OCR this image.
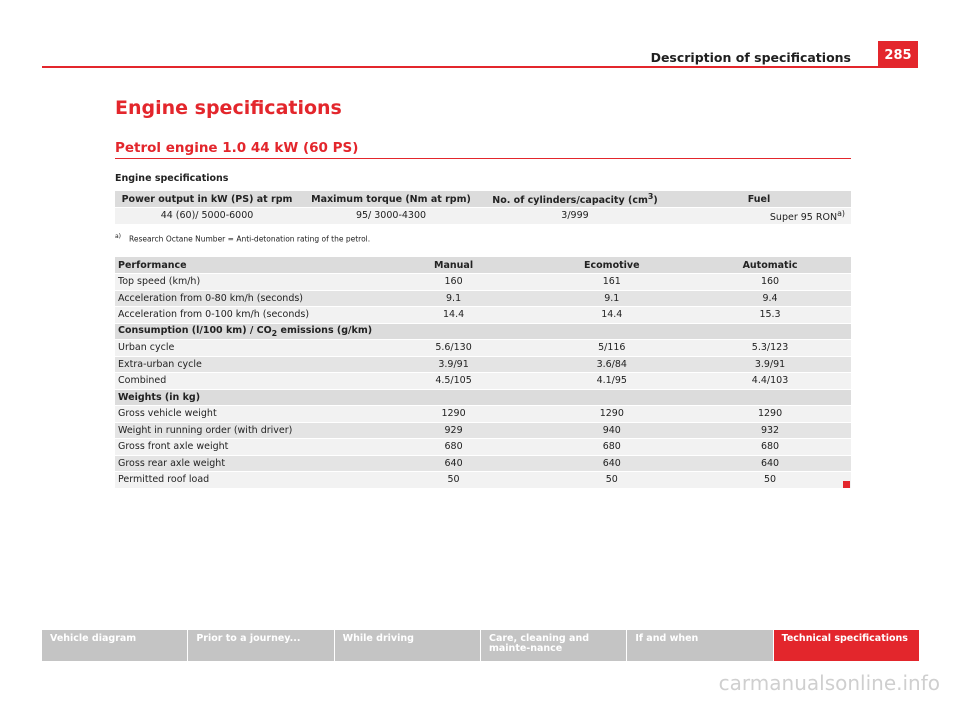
Description of specifications	285
Engine specifications
Petrol engine 1.0 44 kW (60 PS)
Engine specifications
Power output in kW (PS) at rpm	Maximum torque (Nm at rpm)	No. of cylinders/capacity $(cm^3)$	Fuel
44 (60)/ 5000-6000	95/ 3000-4300	3/999	Super 95 RON$^{a)}$
$^{a)}$ Research Octane Number = Anti-detonation rating of the petrol.
Performance	Manual	Ecomotive	Automatic
Top speed (km/h)	160	161	160
Acceleration from 0-80 km/h (seconds)	9.1	9.1	9.4
Acceleration from 0-100 km/h (seconds)	14.4	14.4	15.3
Consumption (l/100 $km) / CO_2$ emissions (g/km)			
Urban cycle	5.6/130	5/116	5.3/123
Extra-urban cycle	3.9/91	3.6/84	3.9/91
Combined	4.5/105	4.1/95	4.4/103
Weights (in kg)			
Gross vehicle weight	1290	1290	1290
Weight in running order (with driver)	929	940	932
Gross front axle weight	680	680	680
Gross rear axle weight	640	640	640
Permitted roof load	50	50	50
Vehicle diagram	Prior to a journey...	While driving	Care, cleaning and mainte-nance
If and when	Technical specifications
carmanualsonline.info
